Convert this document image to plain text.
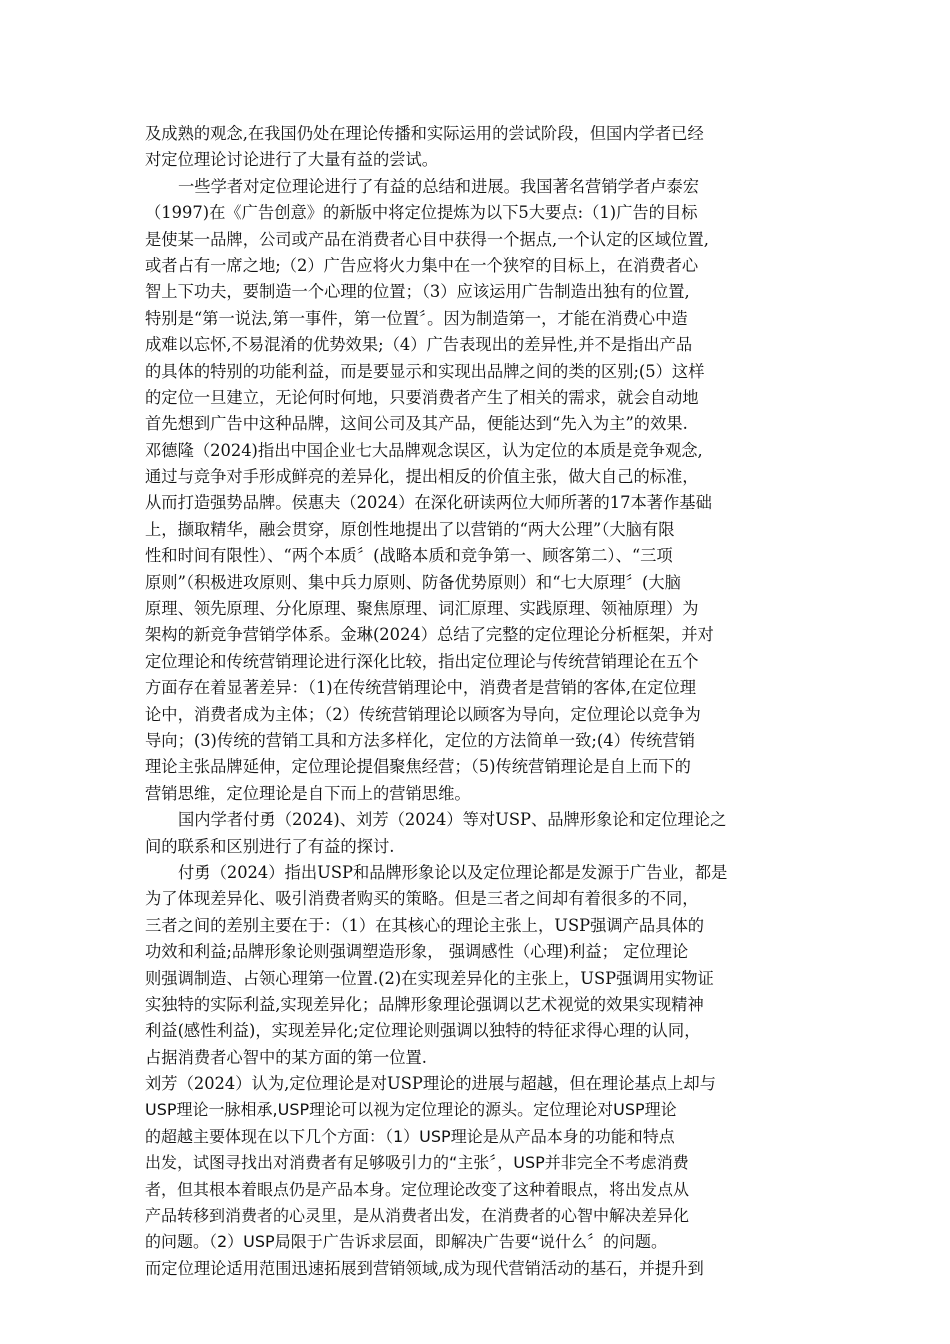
及成熟的观念,在我国仍处在理论传播和实际运用的尝试阶段，但国内学者已经
对定位理论讨论进行了大量有益的尝试。
一些学者对定位理论进行了有益的总结和进展。我国著名营销学者卢泰宏
（1997)在《广告创意》的新版中将定位提炼为以下5大要点:（1)广告的目标
是使某一品牌，公司或产品在消费者心目中获得一个据点,一个认定的区域位置,
或者占有一席之地;（2）广告应将火力集中在一个狭窄的目标上，在消费者心
智上下功夫，要制造一个心理的位置；（3）应该运用广告制造出独有的位置,
特别是“第一说法,第一事件，第一位置〞。因为制造第一，才能在消费心中造
成难以忘怀,不易混淆的优势效果;（4）广告表现出的差异性,并不是指出产品
的具体的特别的功能利益，而是要显示和实现出品牌之间的类的区别;(5）这样
的定位一旦建立，无论何时何地，只要消费者产生了相关的需求，就会自动地
首先想到广告中这种品牌，这间公司及其产品，便能达到“先入为主”的效果.
邓德隆（2024)指出中国企业七大品牌观念误区，认为定位的本质是竞争观念,
通过与竞争对手形成鲜亮的差异化，提出相反的价值主张，做大自己的标准，
从而打造强势品牌。侯惠夫（2024）在深化研读两位大师所著的17本著作基础
上，撷取精华，融会贯穿，原创性地提出了以营销的“两大公理”（大脑有限
性和时间有限性）、“两个本质〞(战略本质和竞争第一、顾客第二）、“三项
原则”（积极进攻原则、集中兵力原则、防备优势原则）和“七大原理〞(大脑
原理、领先原理、分化原理、聚焦原理、词汇原理、实践原理、领袖原理）为
架构的新竞争营销学体系。金琳(2024）总结了完整的定位理论分析框架，并对
定位理论和传统营销理论进行深化比较，指出定位理论与传统营销理论在五个
方面存在着显著差异：（1)在传统营销理论中，消费者是营销的客体,在定位理
论中，消费者成为主体；（2）传统营销理论以顾客为导向，定位理论以竞争为
导向；(3)传统的营销工具和方法多样化，定位的方法简单一致;(4）传统营销
理论主张品牌延伸，定位理论提倡聚焦经营；（5)传统营销理论是自上而下的
营销思维，定位理论是自下而上的营销思维。
国内学者付勇（2024)、刘芳（2024）等对USP、品牌形象论和定位理论之
间的联系和区别进行了有益的探讨.
付勇（2024）指出USP和品牌形象论以及定位理论都是发源于广告业，都是
为了体现差异化、吸引消费者购买的策略。但是三者之间却有着很多的不同，
三者之间的差别主要在于：（1）在其核心的理论主张上，USP强调产品具体的
功效和利益;品牌形象论则强调塑造形象， 强调感性（心理)利益； 定位理论
则强调制造、占领心理第一位置.(2)在实现差异化的主张上，USP强调用实物证
实独特的实际利益,实现差异化；品牌形象理论强调以艺术视觉的效果实现精神
利益(感性利益)，实现差异化;定位理论则强调以独特的特征求得心理的认同，
占据消费者心智中的某方面的第一位置.
刘芳（2024）认为,定位理论是对USP理论的进展与超越，但在理论基点上却与
USP理论一脉相承,USP理论可以视为定位理论的源头。定位理论对USP理论
的超越主要体现在以下几个方面：（1）USP理论是从产品本身的功能和特点
出发，试图寻找出对消费者有足够吸引力的“主张〞，USP并非完全不考虑消费
者，但其根本着眼点仍是产品本身。定位理论改变了这种着眼点，将出发点从
产品转移到消费者的心灵里，是从消费者出发，在消费者的心智中解决差异化
的问题。（2）USP局限于广告诉求层面，即解决广告要“说什么〞的问题。
而定位理论适用范围迅速拓展到营销领域,成为现代营销活动的基石，并提升到
